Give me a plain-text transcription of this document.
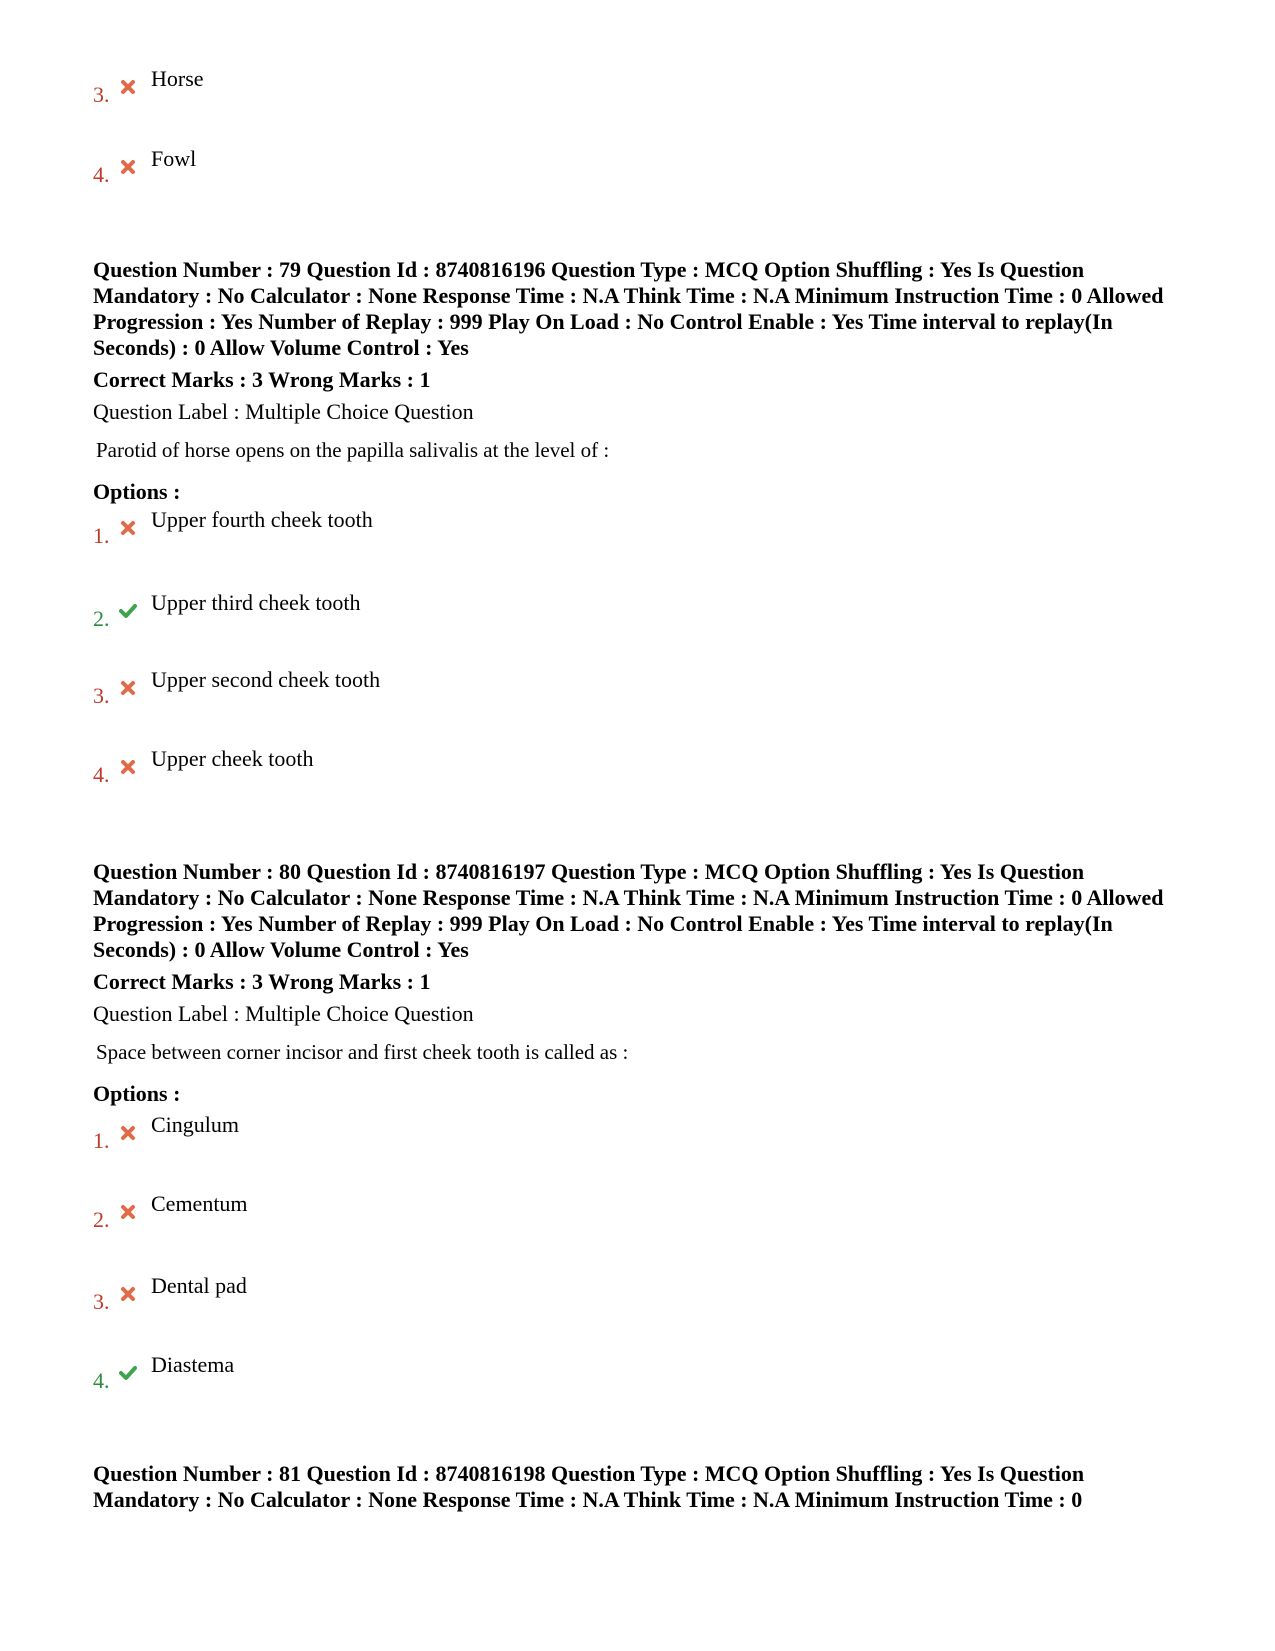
3.
Horse
4.
Fowl

Question Number : 79 Question Id : 8740816196 Question Type : MCQ Option Shuffling : Yes Is Question Mandatory : No Calculator : None Response Time : N.A Think Time : N.A Minimum Instruction Time : 0 Allowed Progression : Yes Number of Replay : 999 Play On Load : No Control Enable : Yes Time interval to replay(In Seconds) : 0 Allow Volume Control : Yes

Correct Marks : 3 Wrong Marks : 1

Question Label : Multiple Choice Question

Parotid of horse opens on the papilla salivalis at the level of :

Options :

1.
Upper fourth cheek tooth
2.
Upper third cheek tooth
3.
Upper second cheek tooth
4.
Upper cheek tooth

Question Number : 80 Question Id : 8740816197 Question Type : MCQ Option Shuffling : Yes Is Question Mandatory : No Calculator : None Response Time : N.A Think Time : N.A Minimum Instruction Time : 0 Allowed Progression : Yes Number of Replay : 999 Play On Load : No Control Enable : Yes Time interval to replay(In Seconds) : 0 Allow Volume Control : Yes

Correct Marks : 3 Wrong Marks : 1

Question Label : Multiple Choice Question

Space between corner incisor and first cheek tooth is called as :

Options :

1.
Cingulum
2.
Cementum
3.
Dental pad
4.
Diastema

Question Number : 81 Question Id : 8740816198 Question Type : MCQ Option Shuffling : Yes Is Question Mandatory : No Calculator : None Response Time : N.A Think Time : N.A Minimum Instruction Time : 0
